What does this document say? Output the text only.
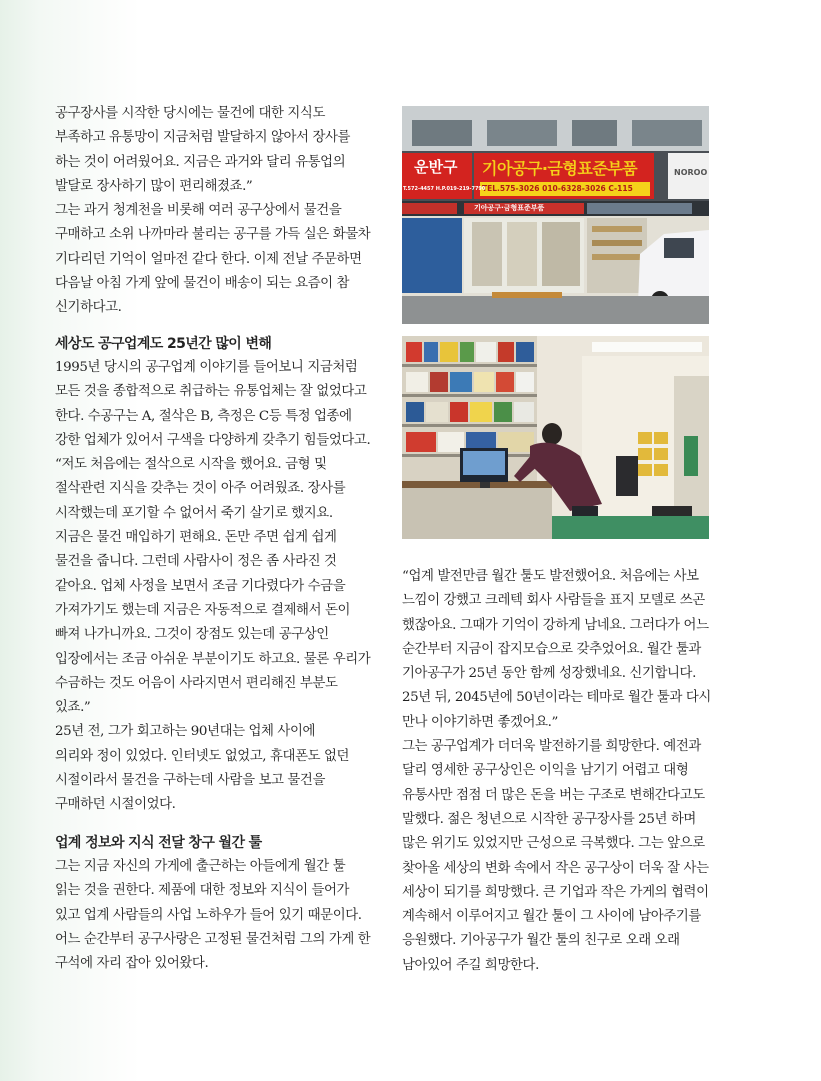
공구장사를 시작한 당시에는 물건에 대한 지식도

부족하고 유통망이 지금처럼 발달하지 않아서 장사를

하는 것이 어려웠어요. 지금은 과거와 달리 유통업의

발달로 장사하기 많이 편리해졌죠.”

그는 과거 청계천을 비롯해 여러 공구상에서 물건을

구매하고 소위 나까마라 불리는 공구를 가득 실은 화물차

기다리던 기억이 얼마전 같다 한다. 이제 전날 주문하면

다음날 아침 가게 앞에 물건이 배송이 되는 요즘이 참

신기하다고.

세상도 공구업계도 25년간 많이 변해

1995년 당시의 공구업계 이야기를 들어보니 지금처럼

모든 것을 종합적으로 취급하는 유통업체는 잘 없었다고

한다. 수공구는 A, 절삭은 B, 측정은 C등 특정 업종에

강한 업체가 있어서 구색을 다양하게 갖추기 힘들었다고.

“저도 처음에는 절삭으로 시작을 했어요. 금형 및

절삭관련 지식을 갖추는 것이 아주 어려웠죠. 장사를

시작했는데 포기할 수 없어서 죽기 살기로 했지요.

지금은 물건 매입하기 편해요. 돈만 주면 쉽게 쉽게

물건을 줍니다. 그런데 사람사이 정은 좀 사라진 것

같아요. 업체 사정을 보면서 조금 기다렸다가 수금을

가져가기도 했는데 지금은 자동적으로 결제해서 돈이

빠져 나가니까요. 그것이 장점도 있는데 공구상인

입장에서는 조금 아쉬운 부분이기도 하고요. 물론 우리가

수금하는 것도 어음이 사라지면서 편리해진 부분도

있죠.”

25년 전, 그가 회고하는 90년대는 업체 사이에

의리와 정이 있었다. 인터넷도 없었고, 휴대폰도 없던

시절이라서 물건을 구하는데 사람을 보고 물건을

구매하던 시절이었다.

업계 정보와 지식 전달 창구 월간 툴

그는 지금 자신의 가게에 출근하는 아들에게 월간 툴

읽는 것을 권한다. 제품에 대한 정보와 지식이 들어가

있고 업계 사람들의 사업 노하우가 들어 있기 때문이다.

어느 순간부터 공구사랑은 고정된 물건처럼 그의 가게 한

구석에 자리 잡아 있어왔다.

“업계 발전만큼 월간 툴도 발전했어요. 처음에는 사보

느낌이 강했고 크레텍 회사 사람들을 표지 모델로 쓰곤

했잖아요. 그때가 기억이 강하게 남네요. 그러다가 어느

순간부터 지금이 잡지모습으로 갖추었어요. 월간 툴과

기아공구가 25년 동안 함께 성장했네요. 신기합니다.

25년 뒤, 2045년에 50년이라는 테마로 월간 툴과 다시

만나 이야기하면 좋겠어요.”

그는 공구업계가 더더욱 발전하기를 희망한다. 예전과

달리 영세한 공구상인은 이익을 남기기 어렵고 대형

유통사만 점점 더 많은 돈을 버는 구조로 변해간다고도

말했다. 젊은 청년으로 시작한 공구장사를 25년 하며

많은 위기도 있었지만 근성으로 극복했다. 그는 앞으로

찾아올 세상의 변화 속에서 작은 공구상이 더욱 잘 사는

세상이 되기를 희망했다. 큰 기업과 작은 가게의 협력이

계속해서 이루어지고 월간 툴이 그 사이에 남아주기를

응원했다. 기아공구가 월간 툴의 친구로 오래 오래

남아있어 주길 희망한다.

기아공구·금형표준부품
TEL.575-3026 010-6328-3026 C-115
운반구
T.572-4457 H.P.019-219-7790
NOROO
기아공구·금형표준부품
